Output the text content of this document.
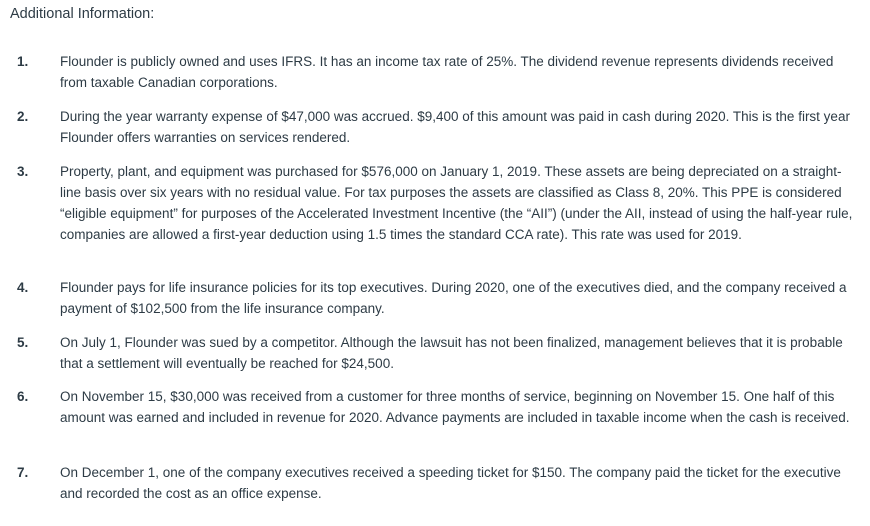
Additional Information:
1. Flounder is publicly owned and uses IFRS. It has an income tax rate of 25%. The dividend revenue represents dividends received from taxable Canadian corporations.

2. During the year warranty expense of $47,000 was accrued. $9,400 of this amount was paid in cash during 2020. This is the first year Flounder offers warranties on services rendered.

3. Property, plant, and equipment was purchased for $576,000 on January 1, 2019. These assets are being depreciated on a straight-line basis over six years with no residual value. For tax purposes the assets are classified as Class 8, 20%. This PPE is considered “eligible equipment” for purposes of the Accelerated Investment Incentive (the “AII”) (under the AII, instead of using the half-year rule, companies are allowed a first-year deduction using 1.5 times the standard CCA rate). This rate was used for 2019.

4. Flounder pays for life insurance policies for its top executives. During 2020, one of the executives died, and the company received a payment of $102,500 from the life insurance company.

5. On July 1, Flounder was sued by a competitor. Although the lawsuit has not been finalized, management believes that it is probable that a settlement will eventually be reached for $24,500.

6. On November 15, $30,000 was received from a customer for three months of service, beginning on November 15. One half of this amount was earned and included in revenue for 2020. Advance payments are included in taxable income when the cash is received.

7. On December 1, one of the company executives received a speeding ticket for $150. The company paid the ticket for the executive and recorded the cost as an office expense.
